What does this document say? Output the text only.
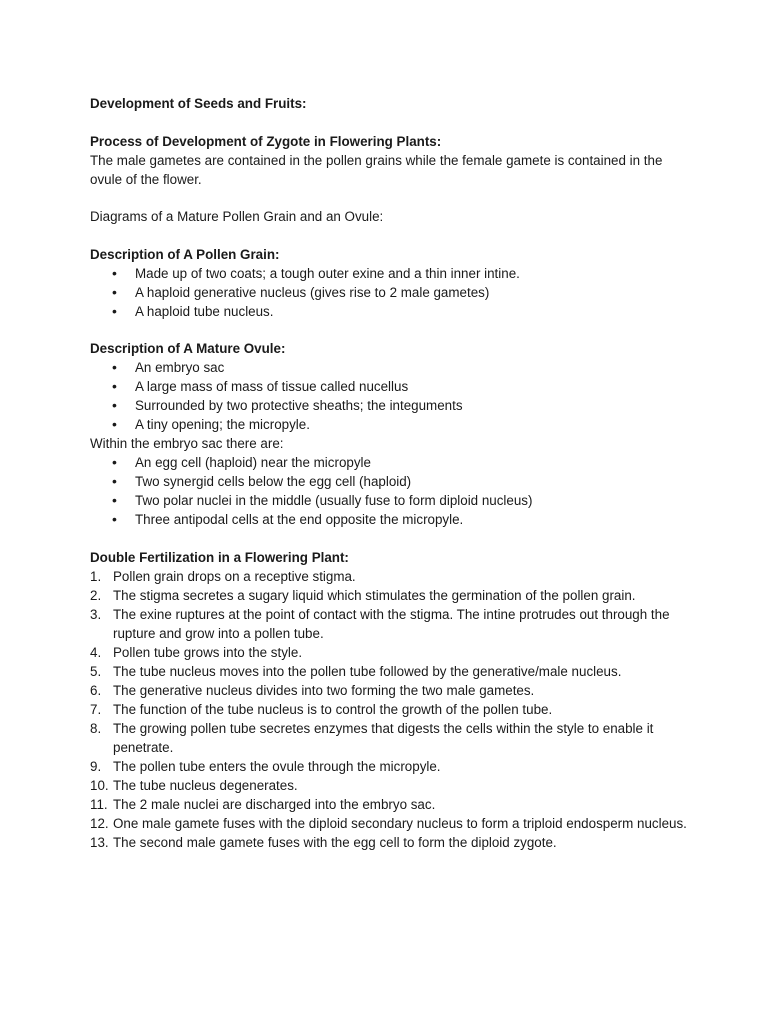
Development of Seeds and Fruits:

Process of Development of Zygote in Flowering Plants:

The male gametes are contained in the pollen grains while the female gamete is contained in the ovule of the flower.

Diagrams of a Mature Pollen Grain and an Ovule:

Description of A Pollen Grain:

• Made up of two coats; a tough outer exine and a thin inner intine.
• A haploid generative nucleus (gives rise to 2 male gametes)
• A haploid tube nucleus.

Description of A Mature Ovule:

• An embryo sac
• A large mass of mass of tissue called nucellus
• Surrounded by two protective sheaths; the integuments
• A tiny opening; the micropyle.

Within the embryo sac there are:

• An egg cell (haploid) near the micropyle
• Two synergid cells below the egg cell (haploid)
• Two polar nuclei in the middle (usually fuse to form diploid nucleus)
• Three antipodal cells at the end opposite the micropyle.

Double Fertilization in a Flowering Plant:

1. Pollen grain drops on a receptive stigma.
2. The stigma secretes a sugary liquid which stimulates the germination of the pollen grain.
3. The exine ruptures at the point of contact with the stigma. The intine protrudes out through the rupture and grow into a pollen tube.
4. Pollen tube grows into the style.
5. The tube nucleus moves into the pollen tube followed by the generative/male nucleus.
6. The generative nucleus divides into two forming the two male gametes.
7. The function of the tube nucleus is to control the growth of the pollen tube.
8. The growing pollen tube secretes enzymes that digests the cells within the style to enable it penetrate.
9. The pollen tube enters the ovule through the micropyle.
10. The tube nucleus degenerates.
11. The 2 male nuclei are discharged into the embryo sac.
12. One male gamete fuses with the diploid secondary nucleus to form a triploid endosperm nucleus.
13. The second male gamete fuses with the egg cell to form the diploid zygote.
